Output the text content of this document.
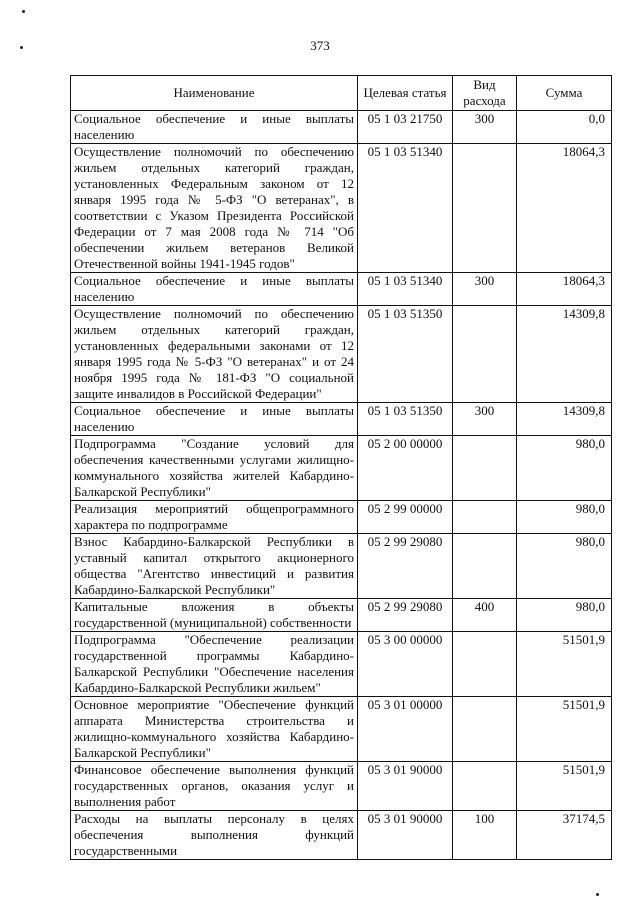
373
Наименование	Целевая статья	Вид расхода	Сумма
Социальное обеспечение и иные выплаты населению	05 1 03 21750	300	0,0
Осуществление полномочий по обеспечению жильем отдельных категорий граждан, установленных Федеральным законом от 12 января 1995 года № 5-ФЗ "О ветеранах", в соответствии с Указом Президента Российской Федерации от 7 мая 2008 года № 714 "Об обеспечении жильем ветеранов Великой Отечественной войны 1941-1945 годов"	05 1 03 51340		18064,3
Социальное обеспечение и иные выплаты населению	05 1 03 51340	300	18064,3
Осуществление полномочий по обеспечению жильем отдельных категорий граждан, установленных федеральными законами от 12 января 1995 года № 5-ФЗ "О ветеранах" и от 24 ноября 1995 года № 181-ФЗ "О социальной защите инвалидов в Российской Федерации"	05 1 03 51350		14309,8
Социальное обеспечение и иные выплаты населению	05 1 03 51350	300	14309,8
Подпрограмма "Создание условий для обеспечения качественными услугами жилищно-коммунального хозяйства жителей Кабардино-Балкарской Республики"	05 2 00 00000		980,0
Реализация мероприятий общепрограммного характера по подпрограмме	05 2 99 00000		980,0
Взнос Кабардино-Балкарской Республики в уставный капитал открытого акционерного общества "Агентство инвестиций и развития Кабардино-Балкарской Республики"	05 2 99 29080		980,0
Капитальные вложения в объекты государственной (муниципальной) собственности	05 2 99 29080	400	980,0
Подпрограмма "Обеспечение реализации государственной программы Кабардино-Балкарской Республики "Обеспечение населения Кабардино-Балкарской Республики жильем"	05 3 00 00000		51501,9
Основное мероприятие "Обеспечение функций аппарата Министерства строительства и жилищно-коммунального хозяйства Кабардино-Балкарской Республики"	05 3 01 00000		51501,9
Финансовое обеспечение выполнения функций государственных органов, оказания услуг и выполнения работ	05 3 01 90000		51501,9
Расходы на выплаты персоналу в целях обеспечения выполнения функций государственными	05 3 01 90000	100	37174,5
